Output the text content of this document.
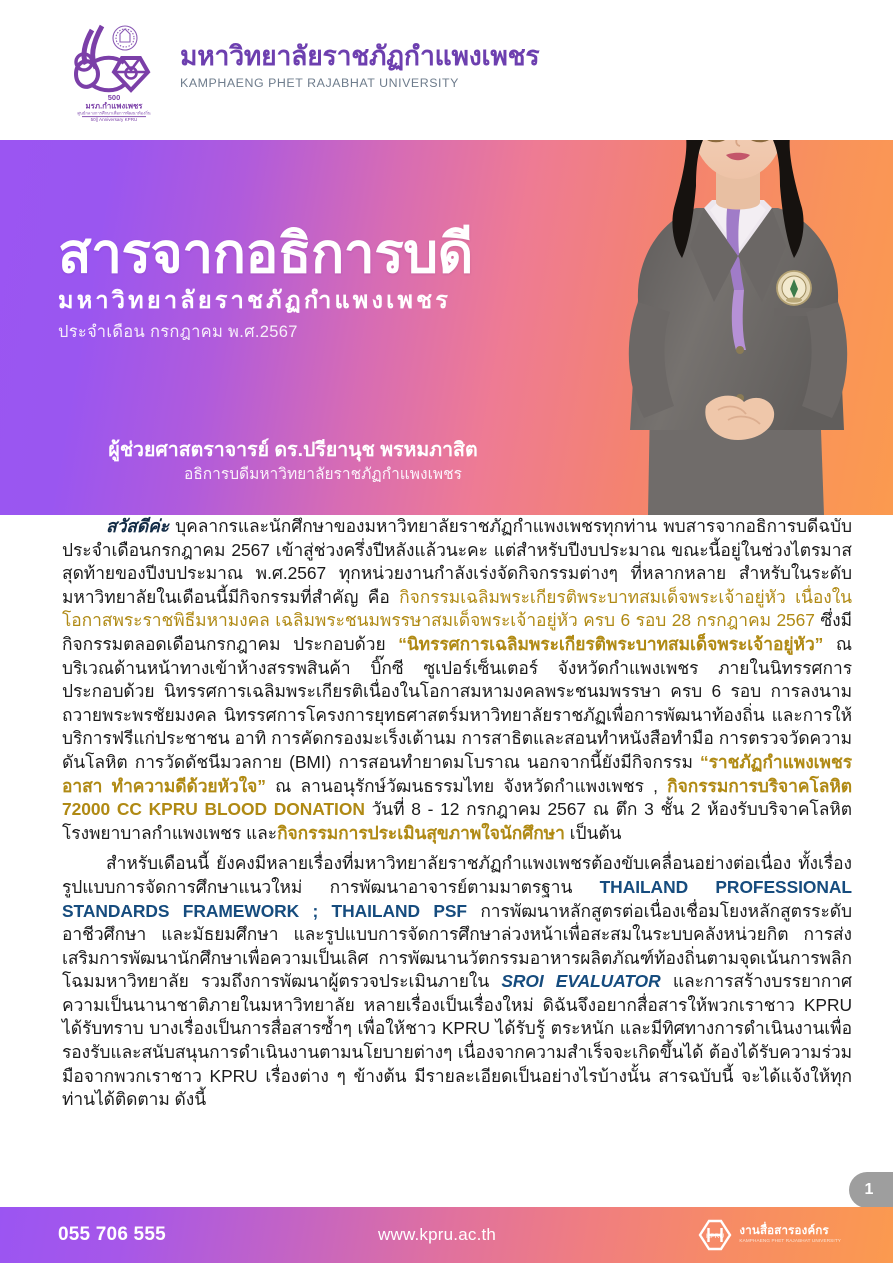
500
มรภ.กำแพงเพชร
ศูนย์กลางการศึกษาเพื่อการพัฒนาท้องถิ่น
50∥ Anniversary KPRU
มหาวิทยาลัยราชภัฏกำแพงเพชร
KAMPHAENG PHET RAJABHAT UNIVERSITY
สารจากอธิการบดี
มหาวิทยาลัยราชภัฏกำแพงเพชร
ประจำเดือน กรกฎาคม พ.ศ.2567
ผู้ช่วยศาสตราจารย์ ดร.ปรียานุช พรหมภาสิต
อธิการบดีมหาวิทยาลัยราชภัฏกำแพงเพชร

สวัสดีค่ะ บุคลากรและนักศึกษาของมหาวิทยาลัยราชภัฏกำแพงเพชรทุกท่าน พบสารจากอธิการบดีฉบับประจำเดือนกรกฎาคม 2567 เข้าสู่ช่วงครึ่งปีหลังแล้วนะคะ แต่สำหรับปีงบประมาณ ขณะนี้อยู่ในช่วงไตรมาสสุดท้ายของปีงบประมาณ พ.ศ.2567 ทุกหน่วยงานกำลังเร่งจัดกิจกรรมต่างๆ ที่หลากหลาย สำหรับในระดับมหาวิทยาลัยในเดือนนี้มีกิจกรรมที่สำคัญ คือ กิจกรรมเฉลิมพระเกียรติพระบาทสมเด็จพระเจ้าอยู่หัว เนื่องในโอกาสพระราชพิธีมหามงคล เฉลิมพระชนมพรรษาสมเด็จพระเจ้าอยู่หัว ครบ 6 รอบ 28 กรกฎาคม 2567 ซึ่งมีกิจกรรมตลอดเดือนกรกฎาคม ประกอบด้วย “นิทรรศการเฉลิมพระเกียรติพระบาทสมเด็จพระเจ้าอยู่หัว” ณ บริเวณด้านหน้าทางเข้าห้างสรรพสินค้า บิ๊กซี ซูเปอร์เซ็นเตอร์ จังหวัดกำแพงเพชร ภายในนิทรรศการ ประกอบด้วย นิทรรศการเฉลิมพระเกียรติเนื่องในโอกาสมหามงคลพระชนมพรรษา ครบ 6 รอบ การลงนามถวายพระพรชัยมงคล นิทรรศการโครงการยุทธศาสตร์มหาวิทยาลัยราชภัฏเพื่อการพัฒนาท้องถิ่น และการให้บริการฟรีแก่ประชาชน อาทิ การคัดกรองมะเร็งเต้านม การสาธิตและสอนทำหนังสือทำมือ การตรวจวัดความดันโลหิต การวัดดัชนีมวลกาย (BMI) การสอนทำยาดมโบราณ นอกจากนี้ยังมีกิจกรรม “ราชภัฏกำแพงเพชรอาสา ทำความดีด้วยหัวใจ” ณ ลานอนุรักษ์วัฒนธรรมไทย จังหวัดกำแพงเพชร , กิจกรรมการบริจาคโลหิต 72000 CC KPRU BLOOD DONATION วันที่ 8 - 12 กรกฎาคม 2567 ณ ตึก 3 ชั้น 2 ห้องรับบริจาคโลหิต โรงพยาบาลกำแพงเพชร และกิจกรรมการประเมินสุขภาพใจนักศึกษา เป็นต้น

สำหรับเดือนนี้ ยังคงมีหลายเรื่องที่มหาวิทยาลัยราชภัฏกำแพงเพชรต้องขับเคลื่อนอย่างต่อเนื่อง ทั้งเรื่องรูปแบบการจัดการศึกษาแนวใหม่ การพัฒนาอาจารย์ตามมาตรฐาน THAILAND PROFESSIONAL STANDARDS FRAMEWORK ; THAILAND PSF การพัฒนาหลักสูตรต่อเนื่องเชื่อมโยงหลักสูตรระดับอาชีวศึกษา และมัธยมศึกษา และรูปแบบการจัดการศึกษาล่วงหน้าเพื่อสะสมในระบบคลังหน่วยกิต การส่งเสริมการพัฒนานักศึกษาเพื่อความเป็นเลิศ การพัฒนานวัตกรรมอาหารผลิตภัณฑ์ท้องถิ่นตามจุดเน้นการพลิกโฉมมหาวิทยาลัย รวมถึงการพัฒนาผู้ตรวจประเมินภายใน SROI EVALUATOR และการสร้างบรรยากาศความเป็นนานาชาติภายในมหาวิทยาลัย หลายเรื่องเป็นเรื่องใหม่ ดิฉันจึงอยากสื่อสารให้พวกเราชาว KPRU ได้รับทราบ บางเรื่องเป็นการสื่อสารซ้ำๆ เพื่อให้ชาว KPRU ได้รับรู้ ตระหนัก และมีทิศทางการดำเนินงานเพื่อรองรับและสนับสนุนการดำเนินงานตามนโยบายต่างๆ เนื่องจากความสำเร็จจะเกิดขึ้นได้ ต้องได้รับความร่วมมือจากพวกเราชาว KPRU เรื่องต่าง ๆ ข้างต้น มีรายละเอียดเป็นอย่างไรบ้างนั้น สารฉบับนี้ จะได้แจ้งให้ทุกท่านได้ติดตาม ดังนี้

1
055 706 555	www.kpru.ac.th	KPRU งานสื่อสารองค์กร
KAMPHAENG PHET RAJABHAT UNIVERSITY
